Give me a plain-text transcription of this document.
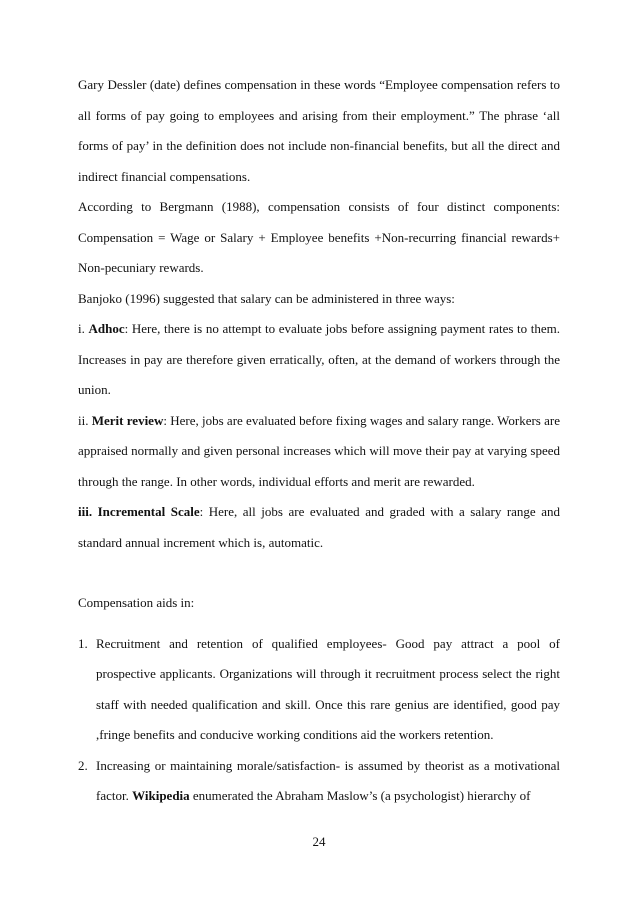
Gary Dessler (date) defines compensation in these words “Employee compensation refers to all forms of pay going to employees and arising from their employment.” The phrase ‘all forms of pay’ in the definition does not include non-financial benefits, but all the direct and indirect financial compensations.

According to Bergmann (1988), compensation consists of four distinct components: Compensation = Wage or Salary + Employee benefits +Non-recurring financial rewards+ Non-pecuniary rewards.

Banjoko (1996) suggested that salary can be administered in three ways:

i. Adhoc: Here, there is no attempt to evaluate jobs before assigning payment rates to them. Increases in pay are therefore given erratically, often, at the demand of workers through the union.

ii. Merit review: Here, jobs are evaluated before fixing wages and salary range. Workers are appraised normally and given personal increases which will move their pay at varying speed through the range. In other words, individual efforts and merit are rewarded.

iii. Incremental Scale: Here, all jobs are evaluated and graded with a salary range and standard annual increment which is, automatic.

Compensation aids in:

1. Recruitment and retention of qualified employees- Good pay attract a pool of prospective applicants. Organizations will through it recruitment process select the right staff with needed qualification and skill. Once this rare genius are identified, good pay ,fringe benefits and conducive working conditions aid the workers retention.
2. Increasing or maintaining morale/satisfaction- is assumed by theorist as a motivational factor. Wikipedia enumerated the Abraham Maslow’s (a psychologist) hierarchy of
24
